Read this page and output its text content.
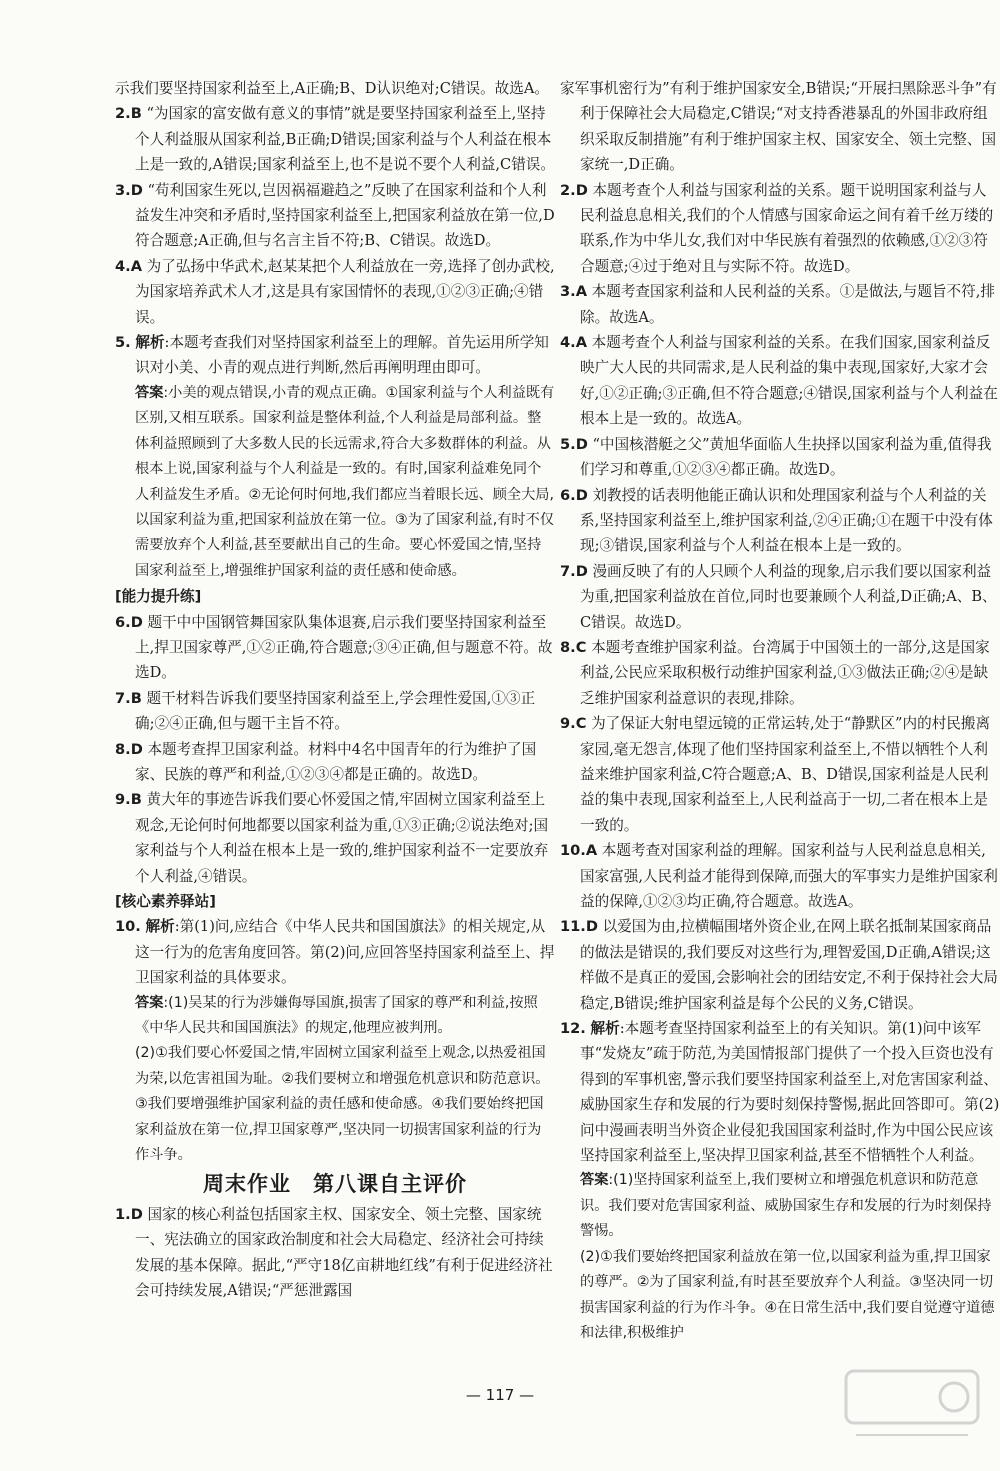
示我们要坚持国家利益至上,A正确;B、D认识绝对;C错误。故选A。

2.B “为国家的富安做有意义的事情”就是要坚持国家利益至上,坚持个人利益服从国家利益,B正确;D错误;国家利益与个人利益在根本上是一致的,A错误;国家利益至上,也不是说不要个人利益,C错误。

3.D “苟利国家生死以,岂因祸福避趋之”反映了在国家利益和个人利益发生冲突和矛盾时,坚持国家利益至上,把国家利益放在第一位,D符合题意;A正确,但与名言主旨不符;B、C错误。故选D。

4.A 为了弘扬中华武术,赵某某把个人利益放在一旁,选择了创办武校,为国家培养武术人才,这是具有家国情怀的表现,①②③正确;④错误。

5. 解析:本题考查我们对坚持国家利益至上的理解。首先运用所学知识对小美、小青的观点进行判断,然后再阐明理由即可。

答案:小美的观点错误,小青的观点正确。①国家利益与个人利益既有区别,又相互联系。国家利益是整体利益,个人利益是局部利益。整体利益照顾到了大多数人民的长远需求,符合大多数群体的利益。从根本上说,国家利益与个人利益是一致的。有时,国家利益难免同个人利益发生矛盾。②无论何时何地,我们都应当着眼长远、顾全大局,以国家利益为重,把国家利益放在第一位。③为了国家利益,有时不仅需要放弃个人利益,甚至要献出自己的生命。要心怀爱国之情,坚持国家利益至上,增强维护国家利益的责任感和使命感。

[能力提升练]

6.D 题干中中国钢管舞国家队集体退赛,启示我们要坚持国家利益至上,捍卫国家尊严,①②正确,符合题意;③④正确,但与题意不符。故选D。

7.B 题干材料告诉我们要坚持国家利益至上,学会理性爱国,①③正确;②④正确,但与题干主旨不符。

8.D 本题考查捍卫国家利益。材料中4名中国青年的行为维护了国家、民族的尊严和利益,①②③④都是正确的。故选D。

9.B 黄大年的事迹告诉我们要心怀爱国之情,牢固树立国家利益至上观念,无论何时何地都要以国家利益为重,①③正确;②说法绝对;国家利益与个人利益在根本上是一致的,维护国家利益不一定要放弃个人利益,④错误。

[核心素养驿站]

10. 解析:第(1)问,应结合《中华人民共和国国旗法》的相关规定,从这一行为的危害角度回答。第(2)问,应回答坚持国家利益至上、捍卫国家利益的具体要求。

答案:(1)吴某的行为涉嫌侮辱国旗,损害了国家的尊严和利益,按照《中华人民共和国国旗法》的规定,他理应被判刑。

(2)①我们要心怀爱国之情,牢固树立国家利益至上观念,以热爱祖国为荣,以危害祖国为耻。②我们要树立和增强危机意识和防范意识。③我们要增强维护国家利益的责任感和使命感。④我们要始终把国家利益放在第一位,捍卫国家尊严,坚决同一切损害国家利益的行为作斗争。

周末作业　第八课自主评价

1.D 国家的核心利益包括国家主权、国家安全、领土完整、国家统一、宪法确立的国家政治制度和社会大局稳定、经济社会可持续发展的基本保障。据此,“严守18亿亩耕地红线”有利于促进经济社会可持续发展,A错误;“严惩泄露国

家军事机密行为”有利于维护国家安全,B错误;“开展扫黑除恶斗争”有利于保障社会大局稳定,C错误;“对支持香港暴乱的外国非政府组织采取反制措施”有利于维护国家主权、国家安全、领土完整、国家统一,D正确。

2.D 本题考查个人利益与国家利益的关系。题干说明国家利益与人民利益息息相关,我们的个人情感与国家命运之间有着千丝万缕的联系,作为中华儿女,我们对中华民族有着强烈的依赖感,①②③符合题意;④过于绝对且与实际不符。故选D。

3.A 本题考查国家利益和人民利益的关系。①是做法,与题旨不符,排除。故选A。

4.A 本题考查个人利益与国家利益的关系。在我们国家,国家利益反映广大人民的共同需求,是人民利益的集中表现,国家好,大家才会好,①②正确;③正确,但不符合题意;④错误,国家利益与个人利益在根本上是一致的。故选A。

5.D “中国核潜艇之父”黄旭华面临人生抉择以国家利益为重,值得我们学习和尊重,①②③④都正确。故选D。

6.D 刘教授的话表明他能正确认识和处理国家利益与个人利益的关系,坚持国家利益至上,维护国家利益,②④正确;①在题干中没有体现;③错误,国家利益与个人利益在根本上是一致的。

7.D 漫画反映了有的人只顾个人利益的现象,启示我们要以国家利益为重,把国家利益放在首位,同时也要兼顾个人利益,D正确;A、B、C错误。故选D。

8.C 本题考查维护国家利益。台湾属于中国领土的一部分,这是国家利益,公民应采取积极行动维护国家利益,①③做法正确;②④是缺乏维护国家利益意识的表现,排除。

9.C 为了保证大射电望远镜的正常运转,处于“静默区”内的村民搬离家园,毫无怨言,体现了他们坚持国家利益至上,不惜以牺牲个人利益来维护国家利益,C符合题意;A、B、D错误,国家利益是人民利益的集中表现,国家利益至上,人民利益高于一切,二者在根本上是一致的。

10.A 本题考查对国家利益的理解。国家利益与人民利益息息相关,国家富强,人民利益才能得到保障,而强大的军事实力是维护国家利益的保障,①②③均正确,符合题意。故选A。

11.D 以爱国为由,拉横幅围堵外资企业,在网上联名抵制某国家商品的做法是错误的,我们要反对这些行为,理智爱国,D正确,A错误;这样做不是真正的爱国,会影响社会的团结安定,不利于保持社会大局稳定,B错误;维护国家利益是每个公民的义务,C错误。

12. 解析:本题考查坚持国家利益至上的有关知识。第(1)问中该军事“发烧友”疏于防范,为美国情报部门提供了一个投入巨资也没有得到的军事机密,警示我们要坚持国家利益至上,对危害国家利益、威胁国家生存和发展的行为要时刻保持警惕,据此回答即可。第(2)问中漫画表明当外资企业侵犯我国国家利益时,作为中国公民应该坚持国家利益至上,坚决捍卫国家利益,甚至不惜牺牲个人利益。

答案:(1)坚持国家利益至上,我们要树立和增强危机意识和防范意识。我们要对危害国家利益、威胁国家生存和发展的行为时刻保持警惕。

(2)①我们要始终把国家利益放在第一位,以国家利益为重,捍卫国家的尊严。②为了国家利益,有时甚至要放弃个人利益。③坚决同一切损害国家利益的行为作斗争。④在日常生活中,我们要自觉遵守道德和法律,积极维护

— 117 —
